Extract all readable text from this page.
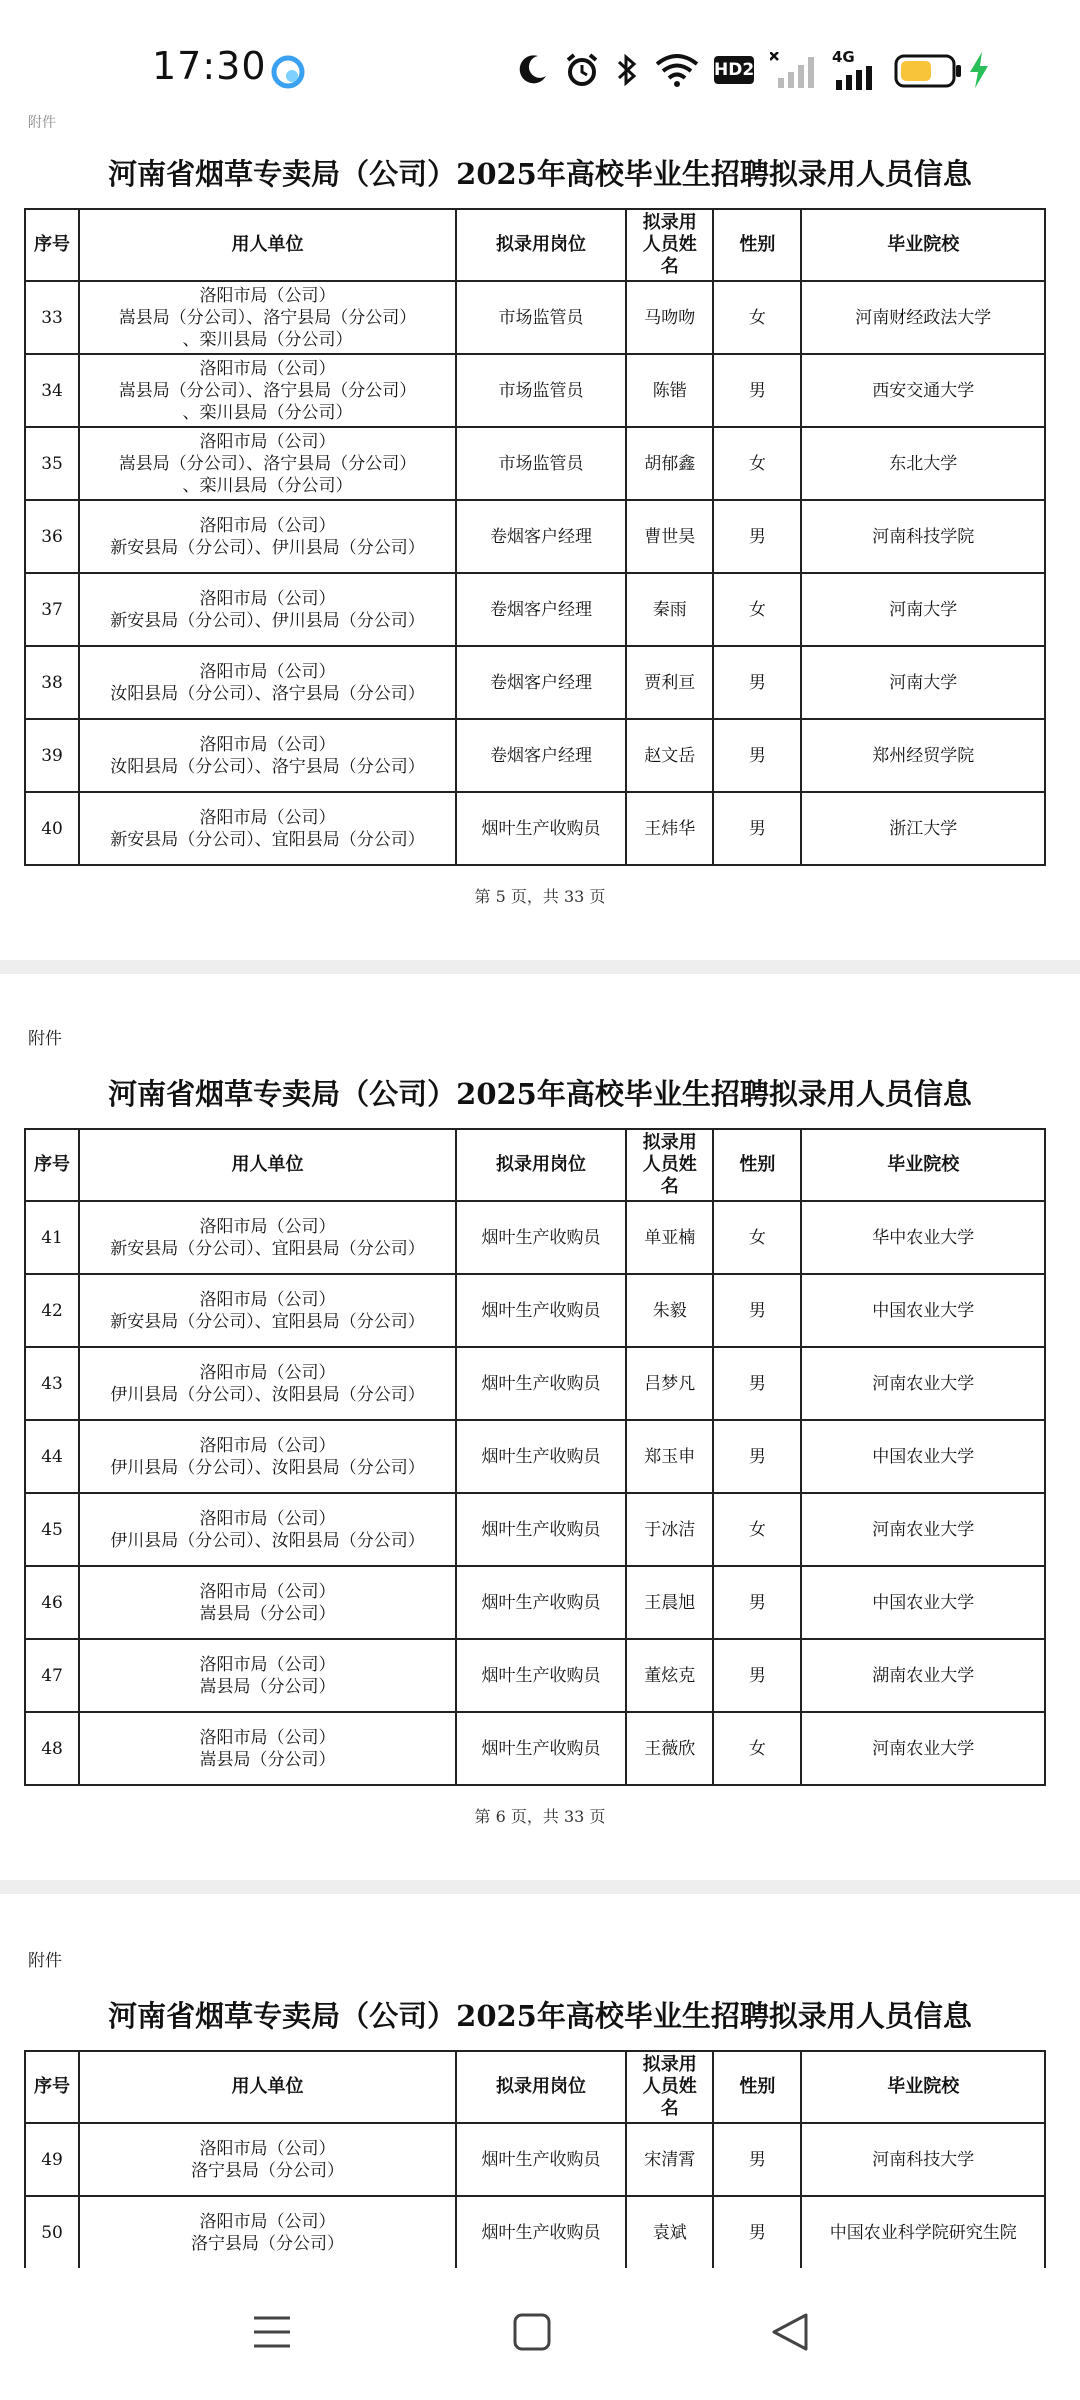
17:30	HD2
4G
附件
河南省烟草专卖局（公司）2025年高校毕业生招聘拟录用人员信息
序号	用人单位	拟录用岗位	拟录用人员姓名	性别	毕业院校
33	洛阳市局（公司）
嵩县局（分公司）、洛宁县局（分公司）
、栾川县局（分公司）	市场监管员	马吻吻	女	河南财经政法大学
34	洛阳市局（公司）
嵩县局（分公司）、洛宁县局（分公司）
、栾川县局（分公司）	市场监管员	陈锴	男	西安交通大学
35	洛阳市局（公司）
嵩县局（分公司）、洛宁县局（分公司）
、栾川县局（分公司）	市场监管员	胡郁鑫	女	东北大学
36	洛阳市局（公司）
新安县局（分公司）、伊川县局（分公司）	卷烟客户经理	曹世昊	男	河南科技学院
37	洛阳市局（公司）
新安县局（分公司）、伊川县局（分公司）	卷烟客户经理	秦雨	女	河南大学
38	洛阳市局（公司）
汝阳县局（分公司）、洛宁县局（分公司）	卷烟客户经理	贾利亘	男	河南大学
39	洛阳市局（公司）
汝阳县局（分公司）、洛宁县局（分公司）	卷烟客户经理	赵文岳	男	郑州经贸学院
40	洛阳市局（公司）
新安县局（分公司）、宜阳县局（分公司）	烟叶生产收购员	王炜华	男	浙江大学
第 5 页，共 33 页
附件
河南省烟草专卖局（公司）2025年高校毕业生招聘拟录用人员信息
序号	用人单位	拟录用岗位	拟录用人员姓名	性别	毕业院校
41	洛阳市局（公司）
新安县局（分公司）、宜阳县局（分公司）	烟叶生产收购员	单亚楠	女	华中农业大学
42	洛阳市局（公司）
新安县局（分公司）、宜阳县局（分公司）	烟叶生产收购员	朱毅	男	中国农业大学
43	洛阳市局（公司）
伊川县局（分公司）、汝阳县局（分公司）	烟叶生产收购员	吕梦凡	男	河南农业大学
44	洛阳市局（公司）
伊川县局（分公司）、汝阳县局（分公司）	烟叶生产收购员	郑玉申	男	中国农业大学
45	洛阳市局（公司）
伊川县局（分公司）、汝阳县局（分公司）	烟叶生产收购员	于冰洁	女	河南农业大学
46	洛阳市局（公司）
嵩县局（分公司）	烟叶生产收购员	王晨旭	男	中国农业大学
47	洛阳市局（公司）
嵩县局（分公司）	烟叶生产收购员	董炫克	男	湖南农业大学
48	洛阳市局（公司）
嵩县局（分公司）	烟叶生产收购员	王薇欣	女	河南农业大学
第 6 页，共 33 页
附件
河南省烟草专卖局（公司）2025年高校毕业生招聘拟录用人员信息
序号	用人单位	拟录用岗位	拟录用人员姓名	性别	毕业院校
49	洛阳市局（公司）
洛宁县局（分公司）	烟叶生产收购员	宋清霄	男	河南科技大学
50	洛阳市局（公司）
洛宁县局（分公司）	烟叶生产收购员	袁斌	男	中国农业科学院研究生院
